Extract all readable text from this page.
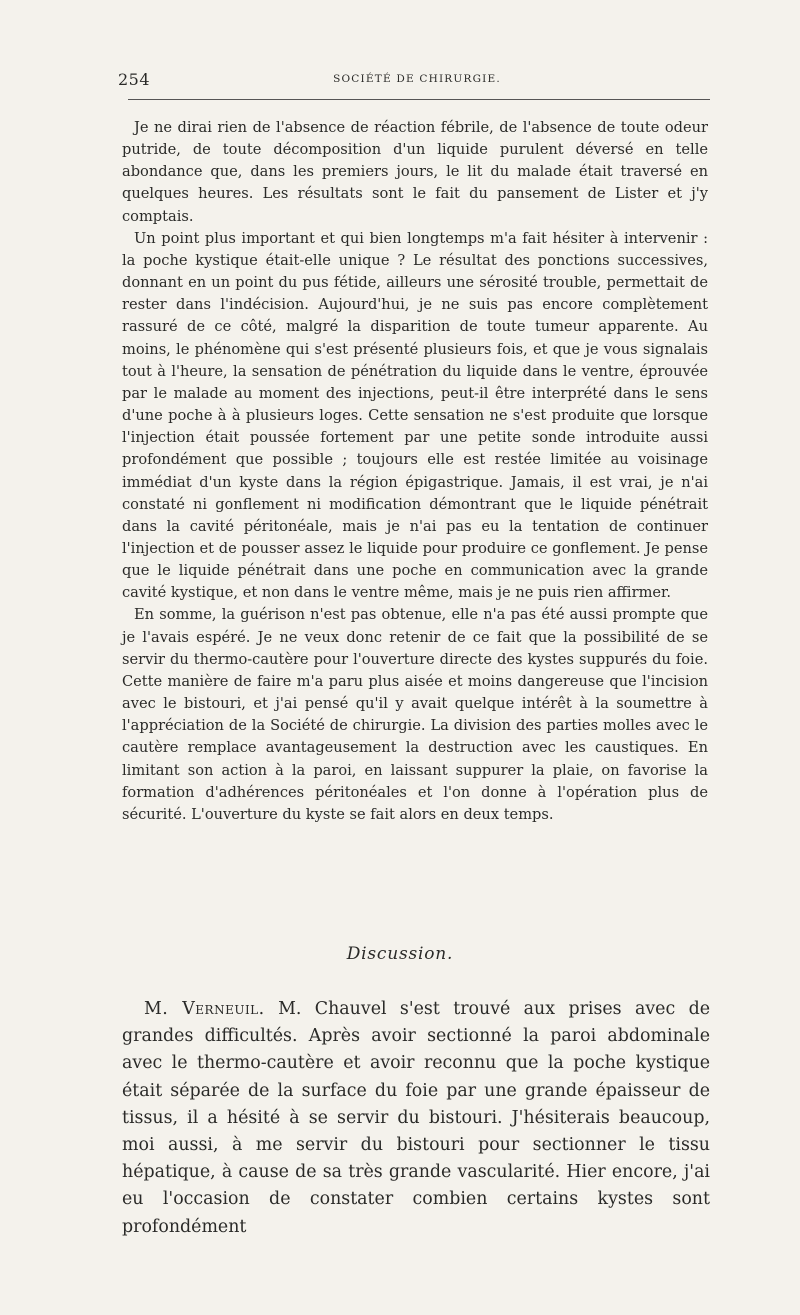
254	SOCIÉTÉ DE CHIRURGIE.

Je ne dirai rien de l'absence de réaction fébrile, de l'absence de toute odeur putride, de toute décomposition d'un liquide purulent déversé en telle abondance que, dans les premiers jours, le lit du malade était traversé en quelques heures. Les résultats sont le fait du pansement de Lister et j'y comptais.

Un point plus important et qui bien longtemps m'a fait hésiter à intervenir : la poche kystique était-elle unique ? Le résultat des ponctions successives, donnant en un point du pus fétide, ailleurs une sérosité trouble, permettait de rester dans l'indécision. Aujourd'hui, je ne suis pas encore complètement rassuré de ce côté, malgré la disparition de toute tumeur apparente. Au moins, le phénomène qui s'est présenté plusieurs fois, et que je vous signalais tout à l'heure, la sensation de pénétration du liquide dans le ventre, éprouvée par le malade au moment des injections, peut-il être interprété dans le sens d'une poche à à plusieurs loges. Cette sensation ne s'est produite que lorsque l'injection était poussée fortement par une petite sonde introduite aussi profondément que possible ; toujours elle est restée limitée au voisinage immédiat d'un kyste dans la région épigastrique. Jamais, il est vrai, je n'ai constaté ni gonflement ni modification démontrant que le liquide pénétrait dans la cavité péritonéale, mais je n'ai pas eu la tentation de continuer l'injection et de pousser assez le liquide pour produire ce gonflement. Je pense que le liquide pénétrait dans une poche en communication avec la grande cavité kystique, et non dans le ventre même, mais je ne puis rien affirmer.

En somme, la guérison n'est pas obtenue, elle n'a pas été aussi prompte que je l'avais espéré. Je ne veux donc retenir de ce fait que la possibilité de se servir du thermo-cautère pour l'ouverture directe des kystes suppurés du foie. Cette manière de faire m'a paru plus aisée et moins dangereuse que l'incision avec le bistouri, et j'ai pensé qu'il y avait quelque intérêt à la soumettre à l'appréciation de la Société de chirurgie. La division des parties molles avec le cautère remplace avantageusement la destruction avec les caustiques. En limitant son action à la paroi, en laissant suppurer la plaie, on favorise la formation d'adhérences péritonéales et l'on donne à l'opération plus de sécurité. L'ouverture du kyste se fait alors en deux temps.

Discussion.

M. Verneuil. M. Chauvel s'est trouvé aux prises avec de grandes difficultés. Après avoir sectionné la paroi abdominale avec le thermo-cautère et avoir reconnu que la poche kystique était séparée de la surface du foie par une grande épaisseur de tissus, il a hésité à se servir du bistouri. J'hésiterais beaucoup, moi aussi, à me servir du bistouri pour sectionner le tissu hépatique, à cause de sa très grande vascularité. Hier encore, j'ai eu l'occasion de constater combien certains kystes sont profondément
